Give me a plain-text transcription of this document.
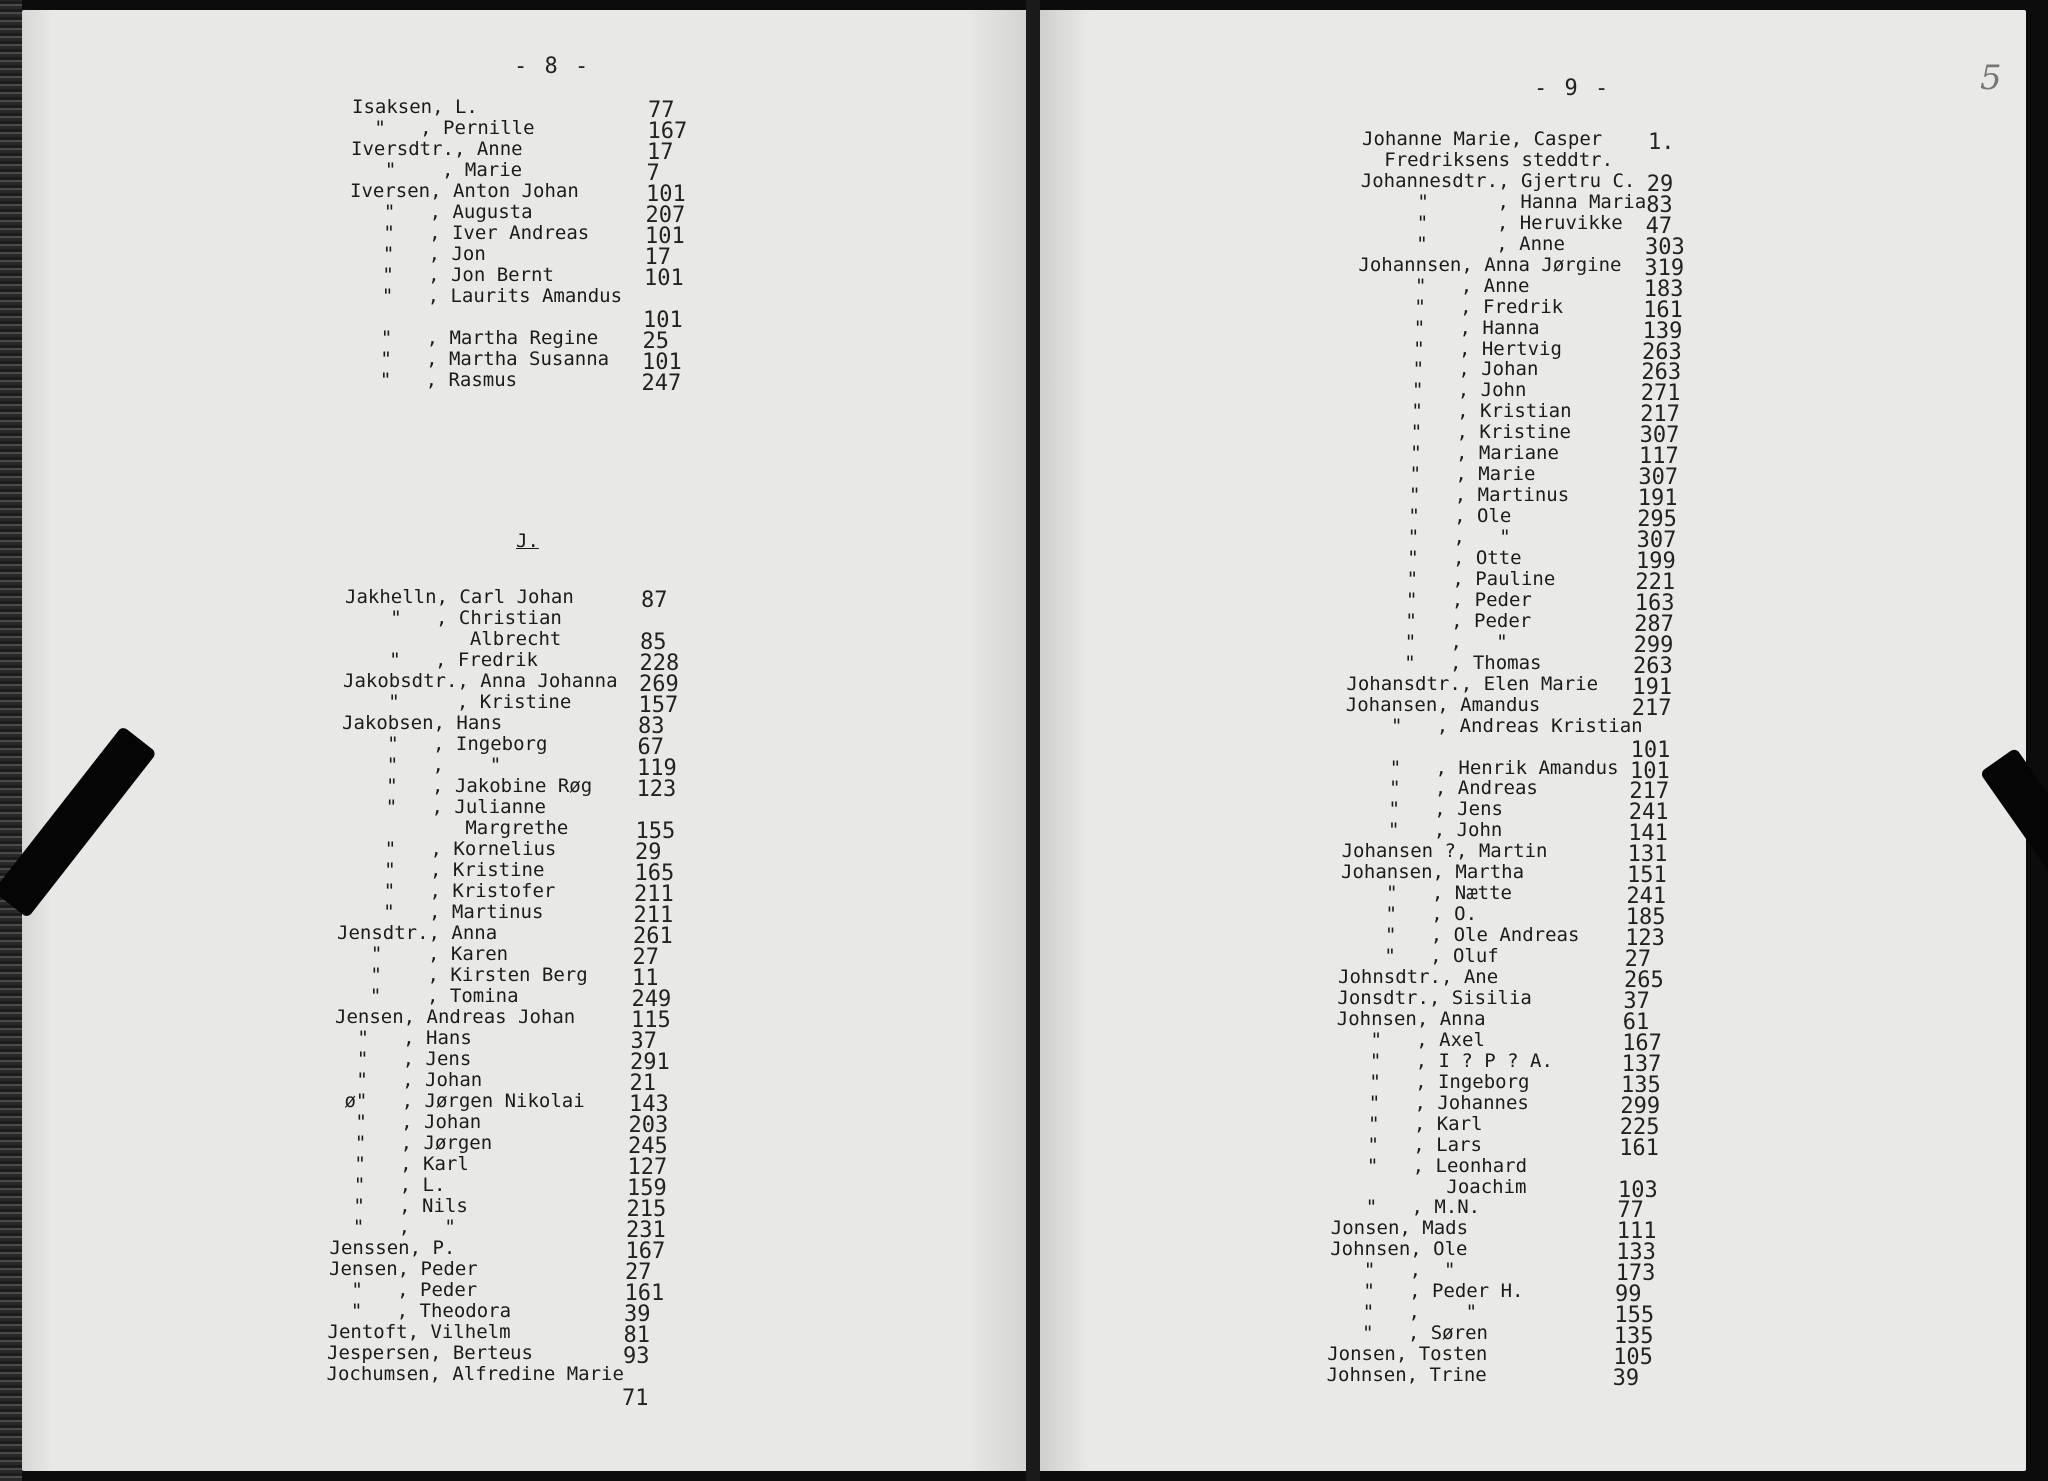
- 8 -
J.
Isaksen, L.	77
"   , Pernille	167
Iversdtr., Anne	17
"    , Marie	7
Iversen, Anton Johan	101
"   , Augusta	207
"   , Iver Andreas	101
"   , Jon	17
"   , Jon Bernt	101
"   , Laurits Amandus
101
"   , Martha Regine 25
"   , Martha Susanna 101
"   , Rasmus	247
Jakhelln, Carl Johan	87
"   , Christian
Albrecht	85
"   , Fredrik	228
Jakobsdtr., Anna Johanna 269
"     , Kristine	157
Jakobsen, Hans	83
"   , Ingeborg	67
"   ,    "	119
"   , Jakobine Røg 123
"   , Julianne
Margrethe	155
"   , Kornelius	29
"   , Kristine	165
"   , Kristofer	211
"   , Martinus	211
Jensdtr., Anna	261
"    , Karen	27
"    , Kirsten Berg 11
"    , Tomina	249
Jensen, Andreas Johan	115
"   , Hans	37
"   , Jens	291
"   , Johan	21
ø"   , Jørgen Nikolai 143
"   , Johan	203
"   , Jørgen	245
"   , Karl	127
"   , L.	159
"   , Nils	215
"   ,   "	231
Jenssen, P.	167
Jensen, Peder	27
"   , Peder	161
"   , Theodora	39
Jentoft, Vilhelm	81
Jespersen, Berteus	93
Jochumsen, Alfredine Marie
71
- 9 -	5
Johanne Marie, Casper 1.
Fredriksens steddtr.
Johannesdtr., Gjertru C. 29
"      , Hanna Maria 83
"      , Heruvikke 47
"      , Anne	303
Johannsen, Anna Jørgine 319
"   , Anne	183
"   , Fredrik	161
"   , Hanna	139
"   , Hertvig	263
"   , Johan	263
"   , John	271
"   , Kristian	217
"   , Kristine	307
"   , Mariane	117
"   , Marie	307
"   , Martinus	191
"   , Ole	295
"   ,   "	307
"   , Otte	199
"   , Pauline	221
"   , Peder	163
"   , Peder	287
"   ,   "	299
"   , Thomas	263
Johansdtr., Elen Marie 191
Johansen, Amandus	217
"   , Andreas Kristian
101
"   , Henrik Amandus 101
"   , Andreas	217
"   , Jens	241
"   , John	141
Johansen ?, Martin	131
Johansen, Martha	151
"   , Nætte	241
"   , O.	185
"   , Ole Andreas 123
"   , Oluf	27
Johnsdtr., Ane	265
Jonsdtr., Sisilia	37
Johnsen, Anna	61
"   , Axel	167
"   , I ? P ? A.	137
"   , Ingeborg	135
"   , Johannes	299
"   , Karl	225
"   , Lars	161
"   , Leonhard
Joachim	103
"   , M.N.	77
Jonsen, Mads	111
Johnsen, Ole	133
"   ,  "	173
"   , Peder H.	99
"   ,    "	155
"   , Søren	135
Jonsen, Tosten	105
Johnsen, Trine	39
